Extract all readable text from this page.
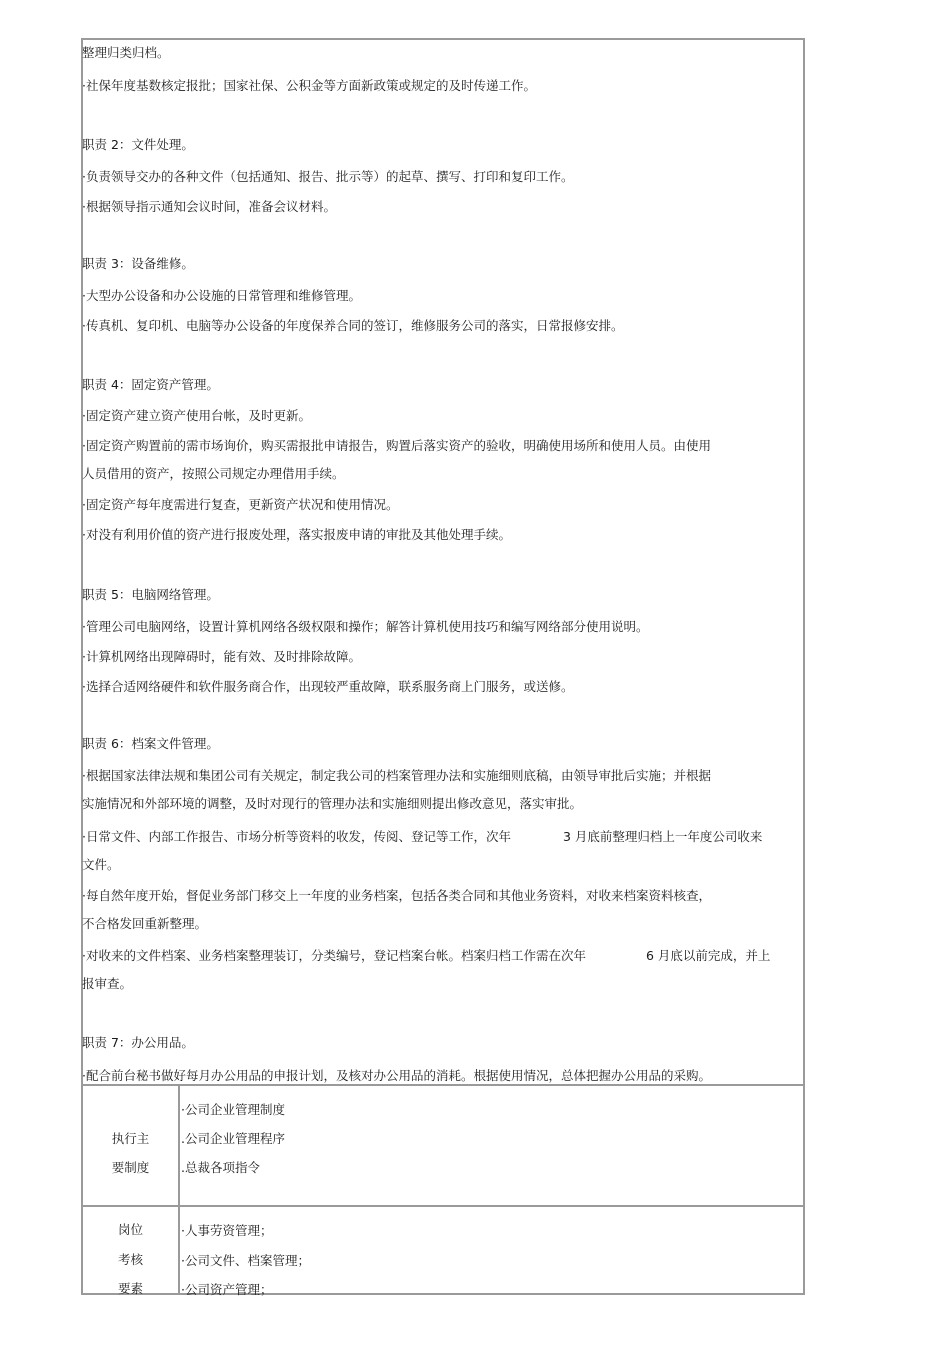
整理归类归档。
·社保年度基数核定报批；国家社保、公积金等方面新政策或规定的及时传递工作。
职责 2：文件处理。
·负责领导交办的各种文件（包括通知、报告、批示等）的起草、撰写、打印和复印工作。
·根据领导指示通知会议时间，准备会议材料。
职责 3：设备维修。
·大型办公设备和办公设施的日常管理和维修管理。
·传真机、复印机、电脑等办公设备的年度保养合同的签订，维修服务公司的落实，日常报修安排。
职责 4：固定资产管理。
·固定资产建立资产使用台帐，及时更新。
·固定资产购置前的需市场询价，购买需报批申请报告，购置后落实资产的验收，明确使用场所和使用人员。由使用
人员借用的资产，按照公司规定办理借用手续。
·固定资产每年度需进行复查，更新资产状况和使用情况。
·对没有利用价值的资产进行报废处理，落实报废申请的审批及其他处理手续。
职责 5：电脑网络管理。
·管理公司电脑网络，设置计算机网络各级权限和操作；解答计算机使用技巧和编写网络部分使用说明。
·计算机网络出现障碍时，能有效、及时排除故障。
·选择合适网络硬件和软件服务商合作，出现较严重故障，联系服务商上门服务，或送修。
职责 6：档案文件管理。
·根据国家法律法规和集团公司有关规定，制定我公司的档案管理办法和实施细则底稿，由领导审批后实施；并根据
实施情况和外部环境的调整，及时对现行的管理办法和实施细则提出修改意见，落实审批。
·日常文件、内部工作报告、市场分析等资料的收发，传阅、登记等工作，次年	3 月底前整理归档上一年度公司收来
文件。
·每自然年度开始，督促业务部门移交上一年度的业务档案，包括各类合同和其他业务资料，对收来档案资料核查，
不合格发回重新整理。
·对收来的文件档案、业务档案整理装订，分类编号，登记档案台帐。档案归档工作需在次年	6 月底以前完成，并上
报审查。
职责 7：办公用品。
·配合前台秘书做好每月办公用品的申报计划，及核对办公用品的消耗。根据使用情况，总体把握办公用品的采购。
执行主
要制度
·公司企业管理制度
.公司企业管理程序
.总裁各项指令
岗位
考核
要素
·人事劳资管理；
·公司文件、档案管理；
·公司资产管理；
